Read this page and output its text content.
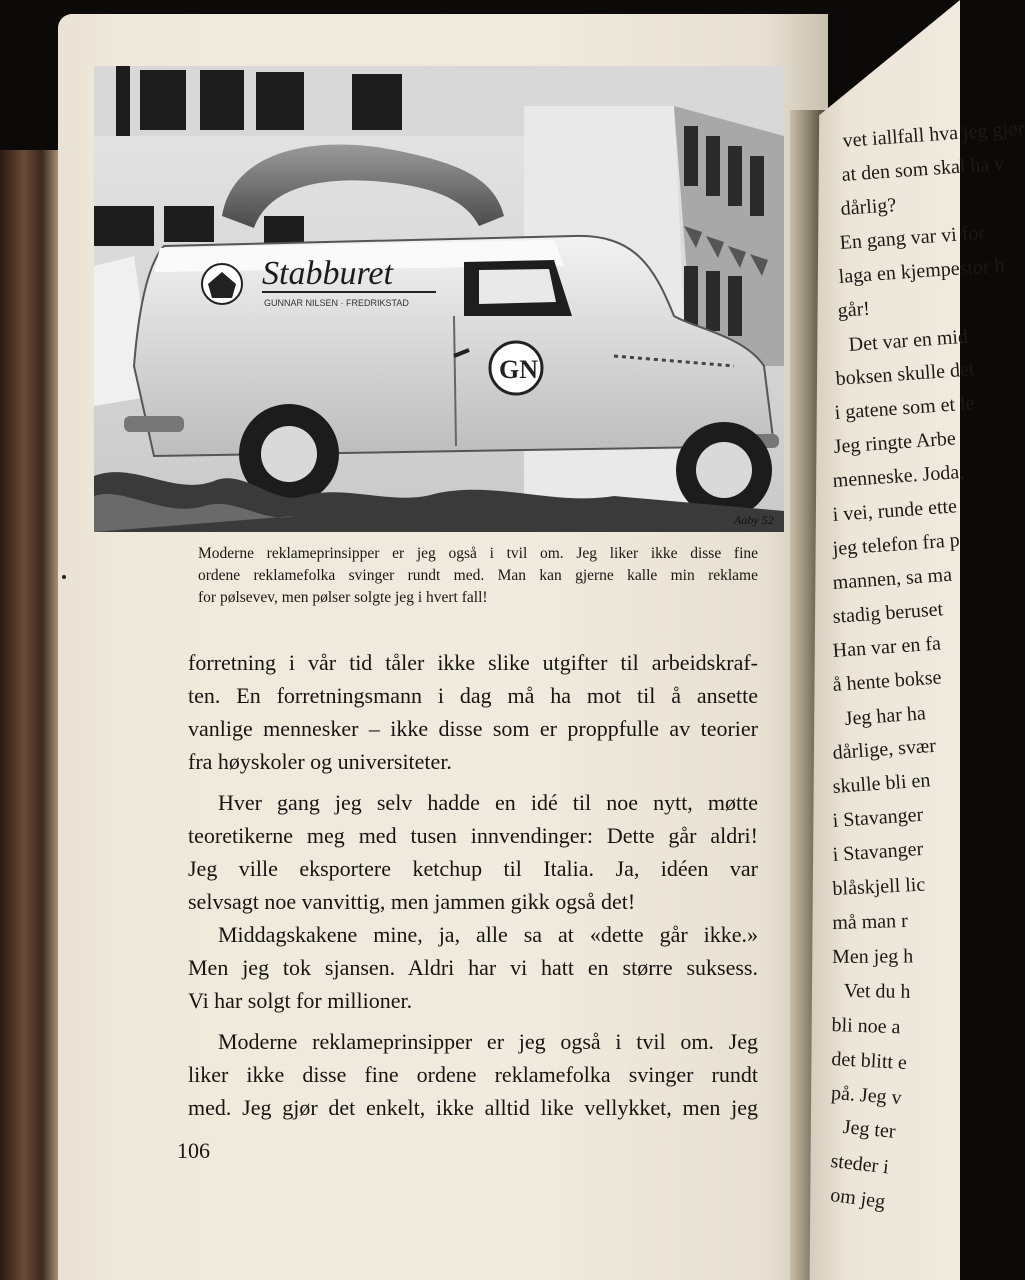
Stabburet
GUNNAR NILSEN · FREDRIKSTAD
GN
Aaby 52
Moderne reklameprinsipper er jeg også i tvil om. Jeg liker ikke disse fine
ordene reklamefolka svinger rundt med. Man kan gjerne kalle min reklame
for pølsevev, men pølser solgte jeg i hvert fall!
forretning i vår tid tåler ikke slike utgifter til arbeidskraf-
ten. En forretningsmann i dag må ha mot til å ansette
vanlige mennesker – ikke disse som er proppfulle av teorier
fra høyskoler og universiteter.
Hver gang jeg selv hadde en idé til noe nytt, møtte
teoretikerne meg med tusen innvendinger: Dette går aldri!
Jeg ville eksportere ketchup til Italia. Ja, idéen var
selvsagt noe vanvittig, men jammen gikk også det!
Middagskakene mine, ja, alle sa at «dette går ikke.»
Men jeg tok sjansen. Aldri har vi hatt en større suksess.
Vi har solgt for millioner.
Moderne reklameprinsipper er jeg også i tvil om. Jeg
liker ikke disse fine ordene reklamefolka svinger rundt
med. Jeg gjør det enkelt, ikke alltid like vellykket, men jeg
106
vet iallfall hva jeg gjør
at den som skal ha v
dårlig?
En gang var vi for
laga en kjempestor h
går!
Det var en mid
boksen skulle det
i gatene som et le
Jeg ringte Arbe
menneske. Joda,
i vei, runde ette
jeg telefon fra p
mannen, sa ma
stadig beruset
Han var en fa
å hente bokse
Jeg har ha
dårlige, svær
skulle bli en
i Stavanger
i Stavanger
blåskjell lic
må man r
Men jeg h
Vet du h
bli noe a
det blitt e
på. Jeg v
Jeg ter
steder i
om jeg
